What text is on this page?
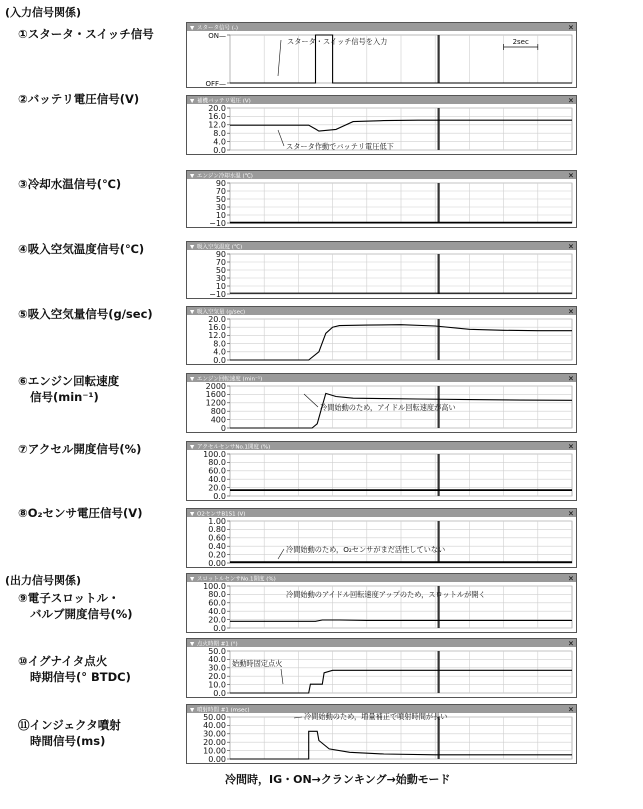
(入力信号関係)
(出力信号関係)
冷間時，IG・ON→クランキング→始動モード
▼ スタータ信号 (-)	×
ON—
OFF—
スタータ・スイッチ信号を入力	2sec
▼ 補機バッテリ電圧 (V)	×
0.0
4.0
8.0
12.0
16.0
20.0
スタータ作動でバッテリ電圧低下
▼ エンジン冷却水温 (℃)	×
−10
10
30
50
70
90
▼ 吸入空気温度 (℃)	×
−10
10
30
50
70
90
▼ 吸入空気量 (g/sec)	×
0.0
4.0
8.0
12.0
16.0
20.0
▼ エンジン回転速度 (min⁻¹)	×
0
400
800
1200
1600
2000
冷間始動のため，アイドル回転速度が高い
▼ アクセルセンサNo.1開度 (%)	×
0.0
20.0
40.0
60.0
80.0
100.0
▼ O2センサB1S1 (V)	×
0.00
0.20
0.40
0.60
0.80
1.00
冷間始動のため，O₂センサがまだ活性していない
▼ スロットルセンサNo.1開度 (%)	×
0.0
20.0
40.0
60.0
80.0
100.0
冷間始動のアイドル回転速度アップのため，スロットルが開く
▼ 点火時期 #1 (°)	×
0.0
10.0
20.0
30.0
40.0
50.0
始動時固定点火
▼ 噴射時間 #1 (msec)	×
0.00
10.00
20.00
30.00
40.00
50.00	冷間始動のため，増量補正で噴射時間が長い
①スタータ・スイッチ信号
②バッテリ電圧信号(V)
③冷却水温信号(℃)
④吸入空気温度信号(℃)
⑤吸入空気量信号(g/sec)
⑥エンジン回転速度
信号(min⁻¹)
⑦アクセル開度信号(%)
⑧O₂センサ電圧信号(V)
⑨電子スロットル・
バルブ開度信号(%)
⑩イグナイタ点火
時期信号(° BTDC)
⑪インジェクタ噴射
時間信号(ms)
